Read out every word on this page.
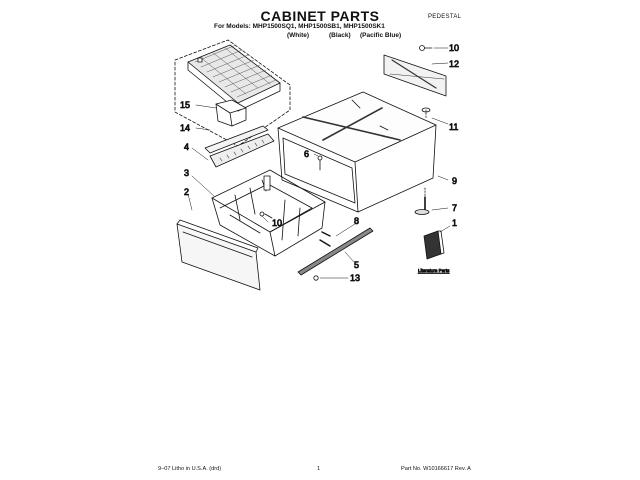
CABINET PARTS	PEDESTAL
For Models: MHP1500SQ1, MHP1500SB1, MHP1500SK1
(White)	(Black) (Pacific Blue)
10
12
15
14	11
4
6
2
3
10
9
7
8	1
5
13
Literature Parts
9–07 Litho in U.S.A. (drd)	1	Part No. W10166617 Rev. A
